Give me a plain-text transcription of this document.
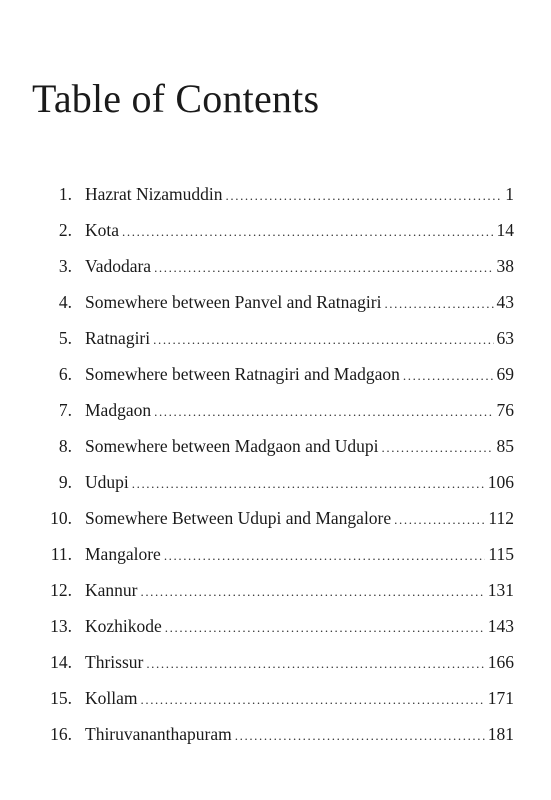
Table of Contents
1. Hazrat Nizamuddin .....	1
2. Kota .....	14
3. Vadodara .....	38
4. Somewhere between Panvel and Ratnagiri .....	43
5. Ratnagiri .....	63
6. Somewhere between Ratnagiri and Madgaon .....	69
7. Madgaon .....	76
8. Somewhere between Madgaon and Udupi .....	85
9. Udupi .....	106
10. Somewhere Between Udupi and Mangalore .....	112
11. Mangalore .....	115
12. Kannur .....	131
13. Kozhikode .....	143
14. Thrissur .....	166
15. Kollam .....	171
16. Thiruvananthapuram .....	181
